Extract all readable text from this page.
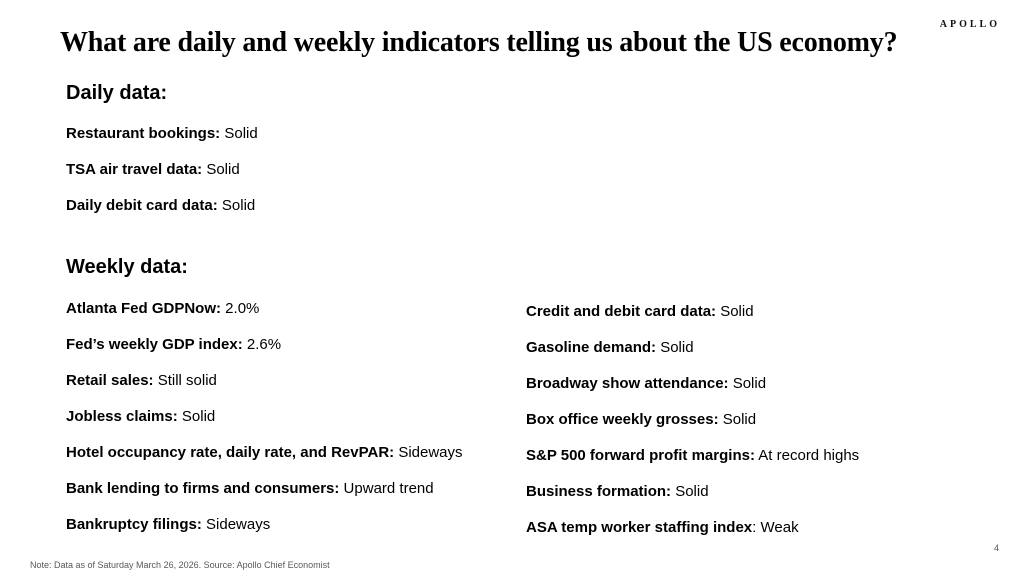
APOLLO
What are daily and weekly indicators telling us about the US economy?
Daily data:

Restaurant bookings: Solid

TSA air travel data: Solid

Daily debit card data: Solid

Weekly data:

Atlanta Fed GDPNow: 2.0%

Fed’s weekly GDP index: 2.6%

Retail sales: Still solid

Jobless claims: Solid

Hotel occupancy rate, daily rate, and RevPAR: Sideways

Bank lending to firms and consumers: Upward trend

Bankruptcy filings: Sideways

Credit and debit card data: Solid

Gasoline demand: Solid

Broadway show attendance: Solid

Box office weekly grosses: Solid

S&P 500 forward profit margins: At record highs

Business formation: Solid

ASA temp worker staffing index: Weak

Note: Data as of Saturday March 26, 2026. Source: Apollo Chief Economist
4
